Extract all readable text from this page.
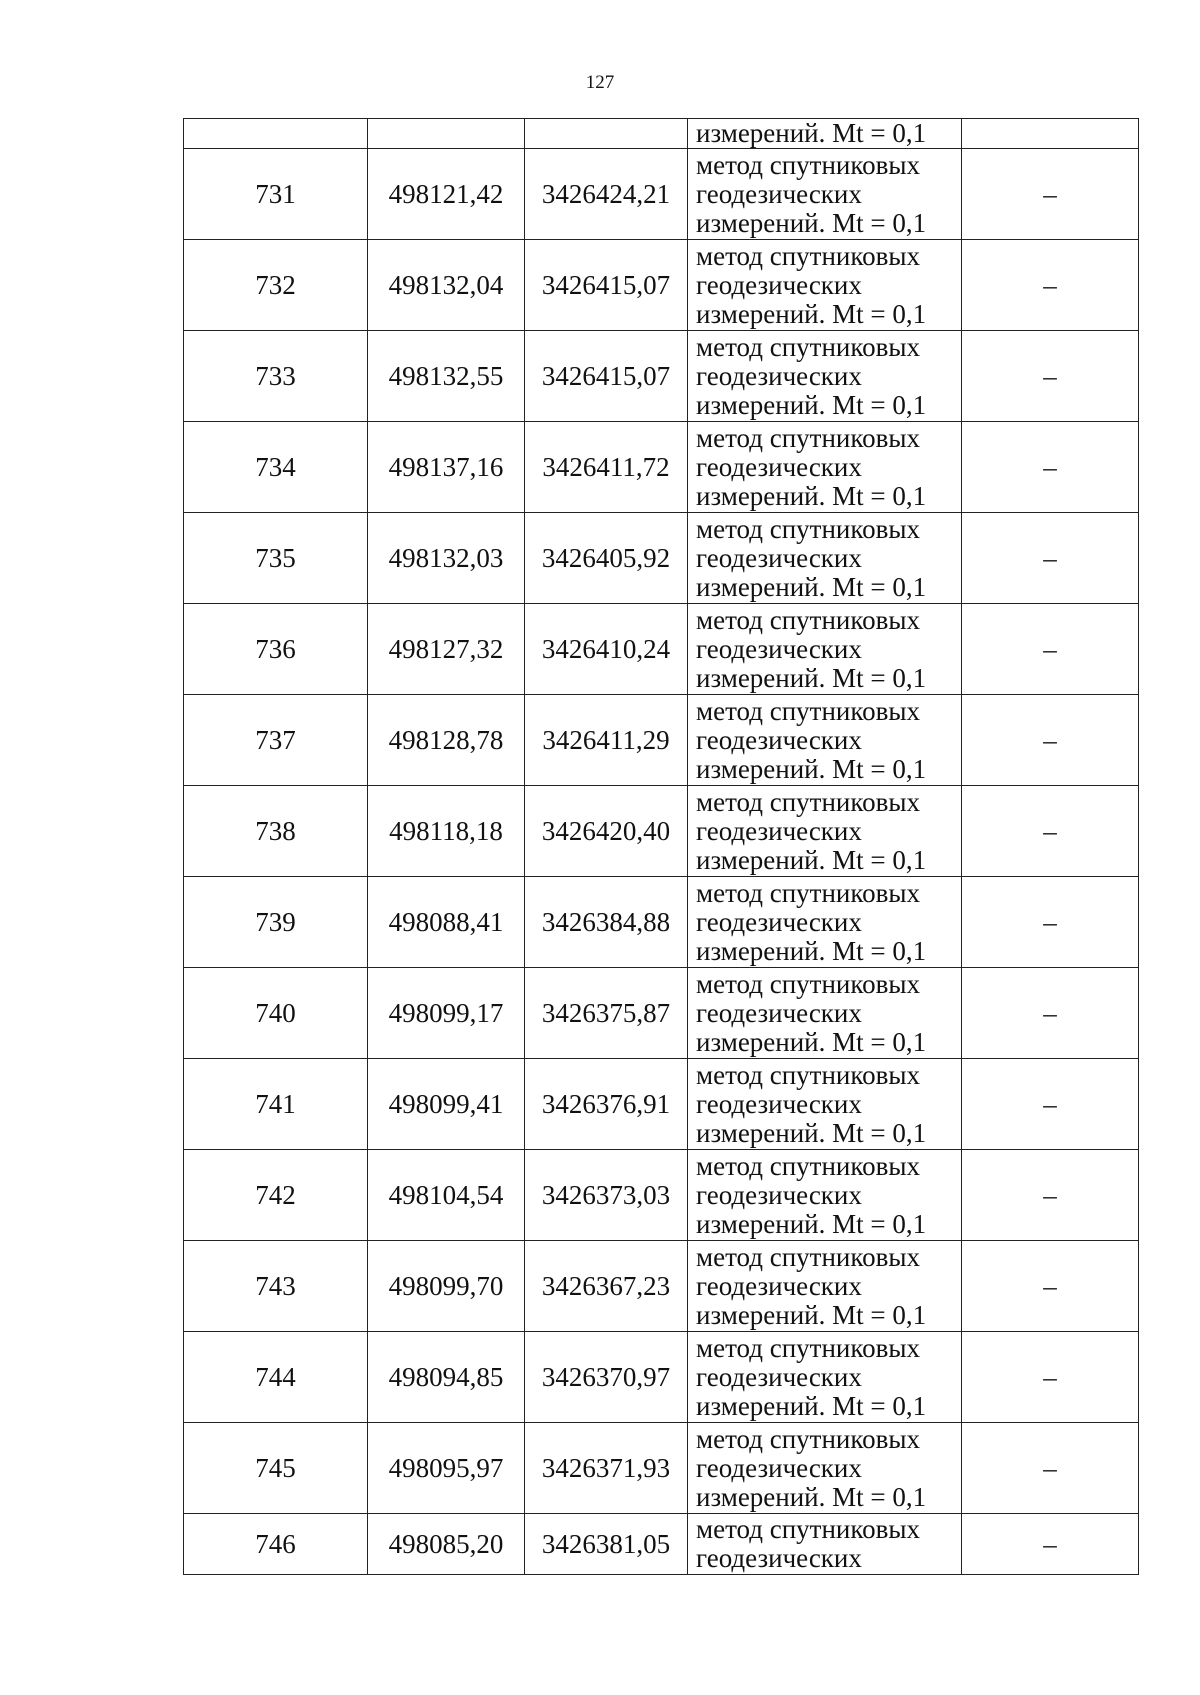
127

			измерений. Mt = 0,1	

731	498121,42	3426424,21	метод спутниковых
геодезических
измерений. Mt = 0,1	–
732	498132,04	3426415,07	метод спутниковых
геодезических
измерений. Mt = 0,1	–
733	498132,55	3426415,07	метод спутниковых
геодезических
измерений. Mt = 0,1	–
734	498137,16	3426411,72	метод спутниковых
геодезических
измерений. Mt = 0,1	–
735	498132,03	3426405,92	метод спутниковых
геодезических
измерений. Mt = 0,1	–
736	498127,32	3426410,24	метод спутниковых
геодезических
измерений. Mt = 0,1	–
737	498128,78	3426411,29	метод спутниковых
геодезических
измерений. Mt = 0,1	–
738	498118,18	3426420,40	метод спутниковых
геодезических
измерений. Mt = 0,1	–
739	498088,41	3426384,88	метод спутниковых
геодезических
измерений. Mt = 0,1	–
740	498099,17	3426375,87	метод спутниковых
геодезических
измерений. Mt = 0,1	–
741	498099,41	3426376,91	метод спутниковых
геодезических
измерений. Mt = 0,1	–
742	498104,54	3426373,03	метод спутниковых
геодезических
измерений. Mt = 0,1	–
743	498099,70	3426367,23	метод спутниковых
геодезических
измерений. Mt = 0,1	–
744	498094,85	3426370,97	метод спутниковых
геодезических
измерений. Mt = 0,1	–
745	498095,97	3426371,93	метод спутниковых
геодезических
измерений. Mt = 0,1	–
746	498085,20	3426381,05	метод спутниковых
геодезических	–
